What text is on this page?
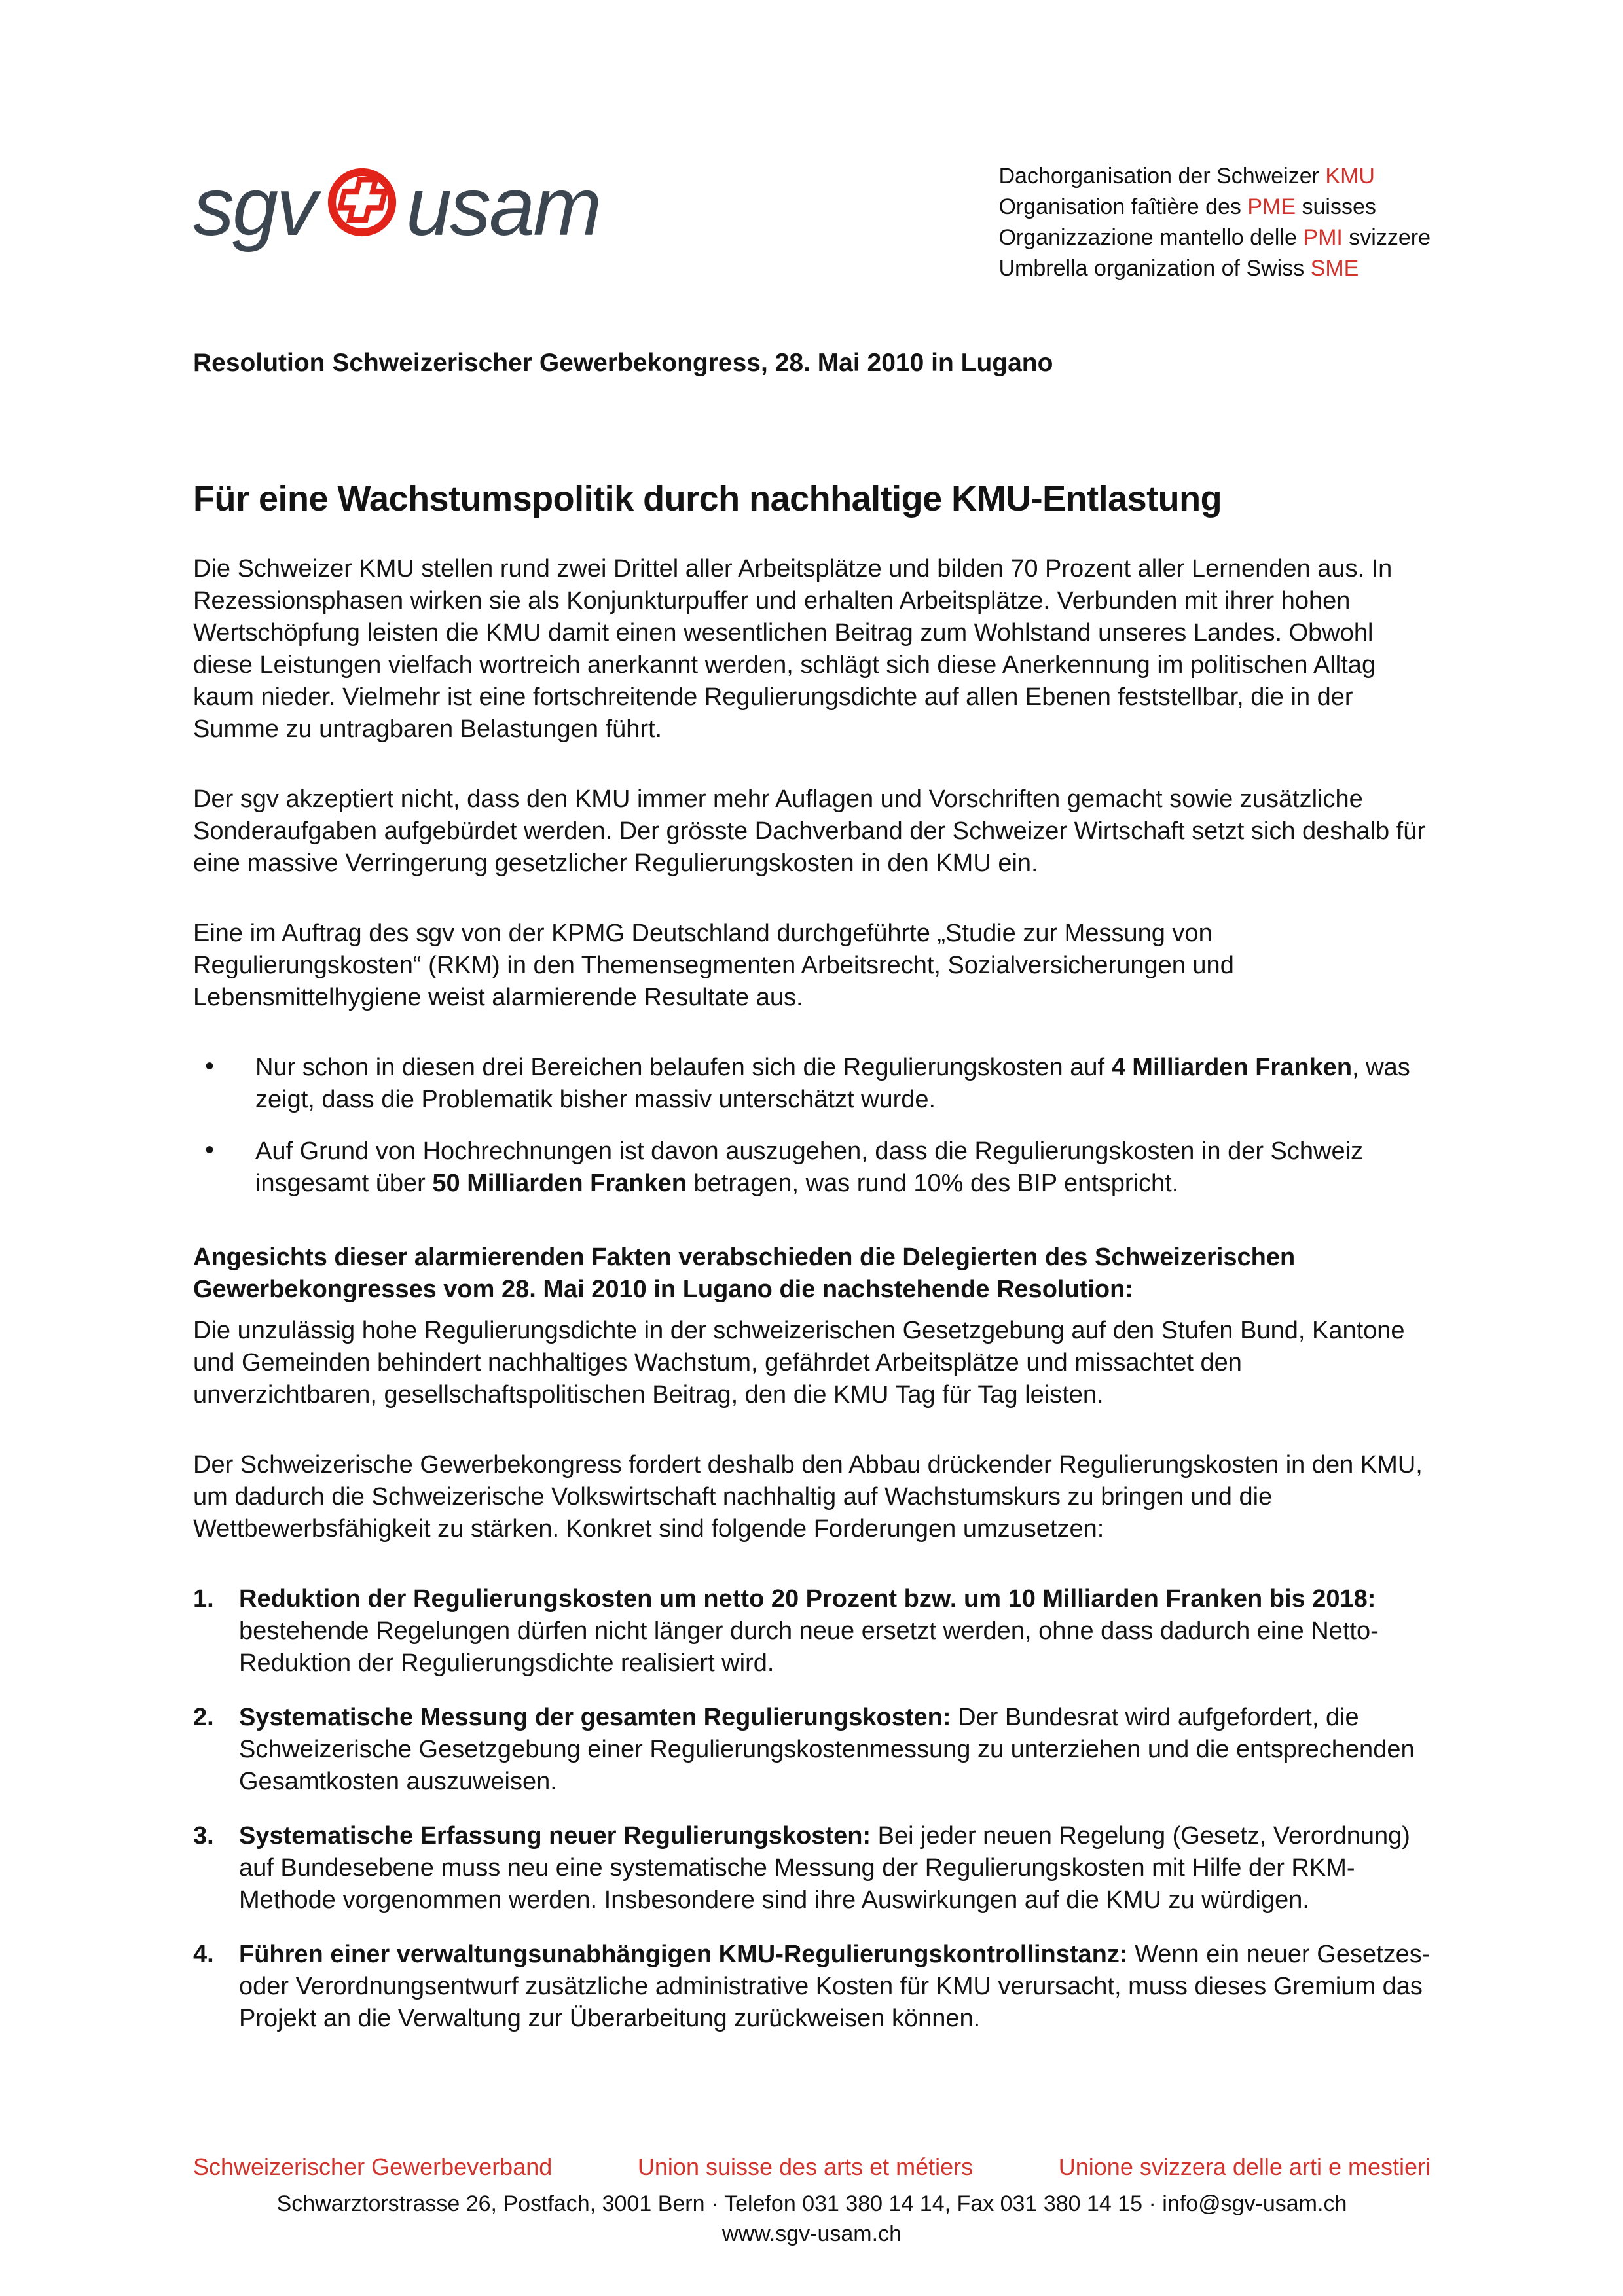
sgv usam	Dachorganisation der Schweizer KMU
Organisation faîtière des PME suisses
Organizzazione mantello delle PMI svizzere
Umbrella organization of Swiss SME
Resolution Schweizerischer Gewerbekongress, 28. Mai 2010 in Lugano
Für eine Wachstumspolitik durch nachhaltige KMU-Entlastung

Die Schweizer KMU stellen rund zwei Drittel aller Arbeitsplätze und bilden 70 Prozent aller Lernenden aus. In Rezessionsphasen wirken sie als Konjunkturpuffer und erhalten Arbeitsplätze. Verbunden mit ihrer hohen Wertschöpfung leisten die KMU damit einen wesentlichen Beitrag zum Wohlstand unseres Landes. Obwohl diese Leistungen vielfach wortreich anerkannt werden, schlägt sich diese Anerkennung im politischen Alltag kaum nieder. Vielmehr ist eine fortschreitende Regulierungsdichte auf allen Ebenen feststellbar, die in der Summe zu untragbaren Belastungen führt.

Der sgv akzeptiert nicht, dass den KMU immer mehr Auflagen und Vorschriften gemacht sowie zusätzliche Sonderaufgaben aufgebürdet werden. Der grösste Dachverband der Schweizer Wirtschaft setzt sich deshalb für eine massive Verringerung gesetzlicher Regulierungskosten in den KMU ein.

Eine im Auftrag des sgv von der KPMG Deutschland durchgeführte „Studie zur Messung von Regulierungskosten“ (RKM) in den Themensegmenten Arbeitsrecht, Sozialversicherungen und Lebensmittelhygiene weist alarmierende Resultate aus.

• Nur schon in diesen drei Bereichen belaufen sich die Regulierungskosten auf 4 Milliarden Franken, was zeigt, dass die Problematik bisher massiv unterschätzt wurde.
• Auf Grund von Hochrechnungen ist davon auszugehen, dass die Regulierungskosten in der Schweiz insgesamt über 50 Milliarden Franken betragen, was rund 10% des BIP entspricht.

Angesichts dieser alarmierenden Fakten verabschieden die Delegierten des Schweizerischen Gewerbekongresses vom 28. Mai 2010 in Lugano die nachstehende Resolution:

Die unzulässig hohe Regulierungsdichte in der schweizerischen Gesetzgebung auf den Stufen Bund, Kantone und Gemeinden behindert nachhaltiges Wachstum, gefährdet Arbeitsplätze und missachtet den unverzichtbaren, gesellschaftspolitischen Beitrag, den die KMU Tag für Tag leisten.

Der Schweizerische Gewerbekongress fordert deshalb den Abbau drückender Regulierungskosten in den KMU, um dadurch die Schweizerische Volkswirtschaft nachhaltig auf Wachstumskurs zu bringen und die Wettbewerbsfähigkeit zu stärken. Konkret sind folgende Forderungen umzusetzen:

1.	Reduktion der Regulierungskosten um netto 20 Prozent bzw. um 10 Milliarden Franken bis 2018: bestehende Regelungen dürfen nicht länger durch neue ersetzt werden, ohne dass dadurch eine Netto-Reduktion der Regulierungsdichte realisiert wird.
2.	Systematische Messung der gesamten Regulierungskosten: Der Bundesrat wird aufgefordert, die Schweizerische Gesetzgebung einer Regulierungskostenmessung zu unterziehen und die entsprechenden Gesamtkosten auszuweisen.
3.	Systematische Erfassung neuer Regulierungskosten: Bei jeder neuen Regelung (Gesetz, Verordnung) auf Bundesebene muss neu eine systematische Messung der Regulierungskosten mit Hilfe der RKM-Methode vorgenommen werden. Insbesondere sind ihre Auswirkungen auf die KMU zu würdigen.
4.	Führen einer verwaltungsunabhängigen KMU-Regulierungskontrollinstanz: Wenn ein neuer Gesetzes- oder Verordnungsentwurf zusätzliche administrative Kosten für KMU verursacht, muss dieses Gremium das Projekt an die Verwaltung zur Überarbeitung zurückweisen können.
Schweizerischer Gewerbeverband	Union suisse des arts et métiers	Unione svizzera delle arti e mestieri
Schwarztorstrasse 26, Postfach, 3001 Bern · Telefon 031 380 14 14, Fax 031 380 14 15 · info@sgv-usam.ch
www.sgv-usam.ch
